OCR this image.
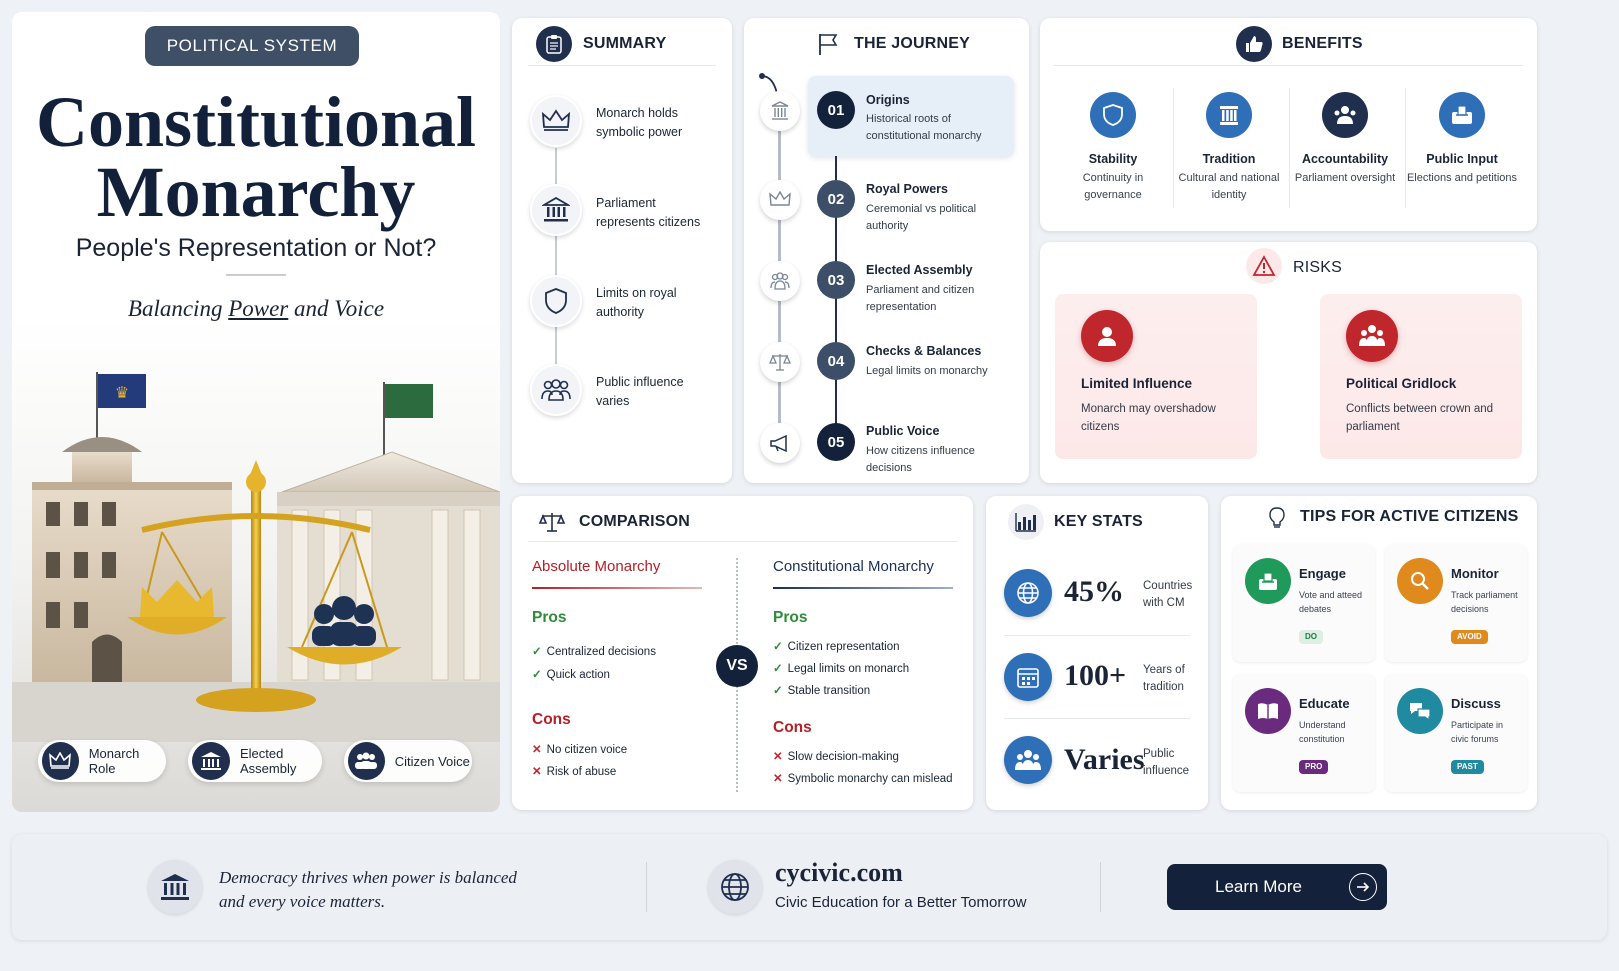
POLITICAL SYSTEM
Constitutional
Monarchy
People's Representation or Not?
Balancing Power and Voice
♛
Monarch Role
Elected Assembly	Citizen Voice
SUMMARY
Monarch holds symbolic power
Parliament represents citizens
Limits on royal authority
Public influence varies
THE JOURNEY
01
Origins
Historical roots of constitutional monarchy
02
Royal Powers
Ceremonial vs political authority
03
Elected Assembly
Parliament and citizen representation
04
Checks & Balances
Legal limits on monarchy
05
Public Voice
How citizens influence decisions
BENEFITS
Stability
Continuity in governance
Tradition
Cultural and national identity
Accountability
Parliament oversight
Public Input
Elections and petitions
RISKS
Limited Influence
Monarch may overshadow citizens
Political Gridlock
Conflicts between crown and parliament
COMPARISON
Absolute Monarchy
Pros
✓ Centralized decisions
✓ Quick action
Cons
✕ No citizen voice
✕ Risk of abuse
VS
Constitutional Monarchy
Pros
✓ Citizen representation
✓ Legal limits on monarch
✓ Stable transition
Cons
✕ Slow decision-making
✕ Symbolic monarchy can mislead
KEY STATS
45% Countries with CM
100+ Years of tradition
Varies
Public influence
TIPS FOR ACTIVE CITIZENS
Engage
Vote and atteed debates
DO
Monitor
Track parliament decisions
AVOID
Educate
Understand constitution
PRO
Discuss
Participate in civic forums
PAST
Democracy thrives when power is balanced
and every voice matters.
cycivic.com
Civic Education for a Better Tomorrow
Learn More
